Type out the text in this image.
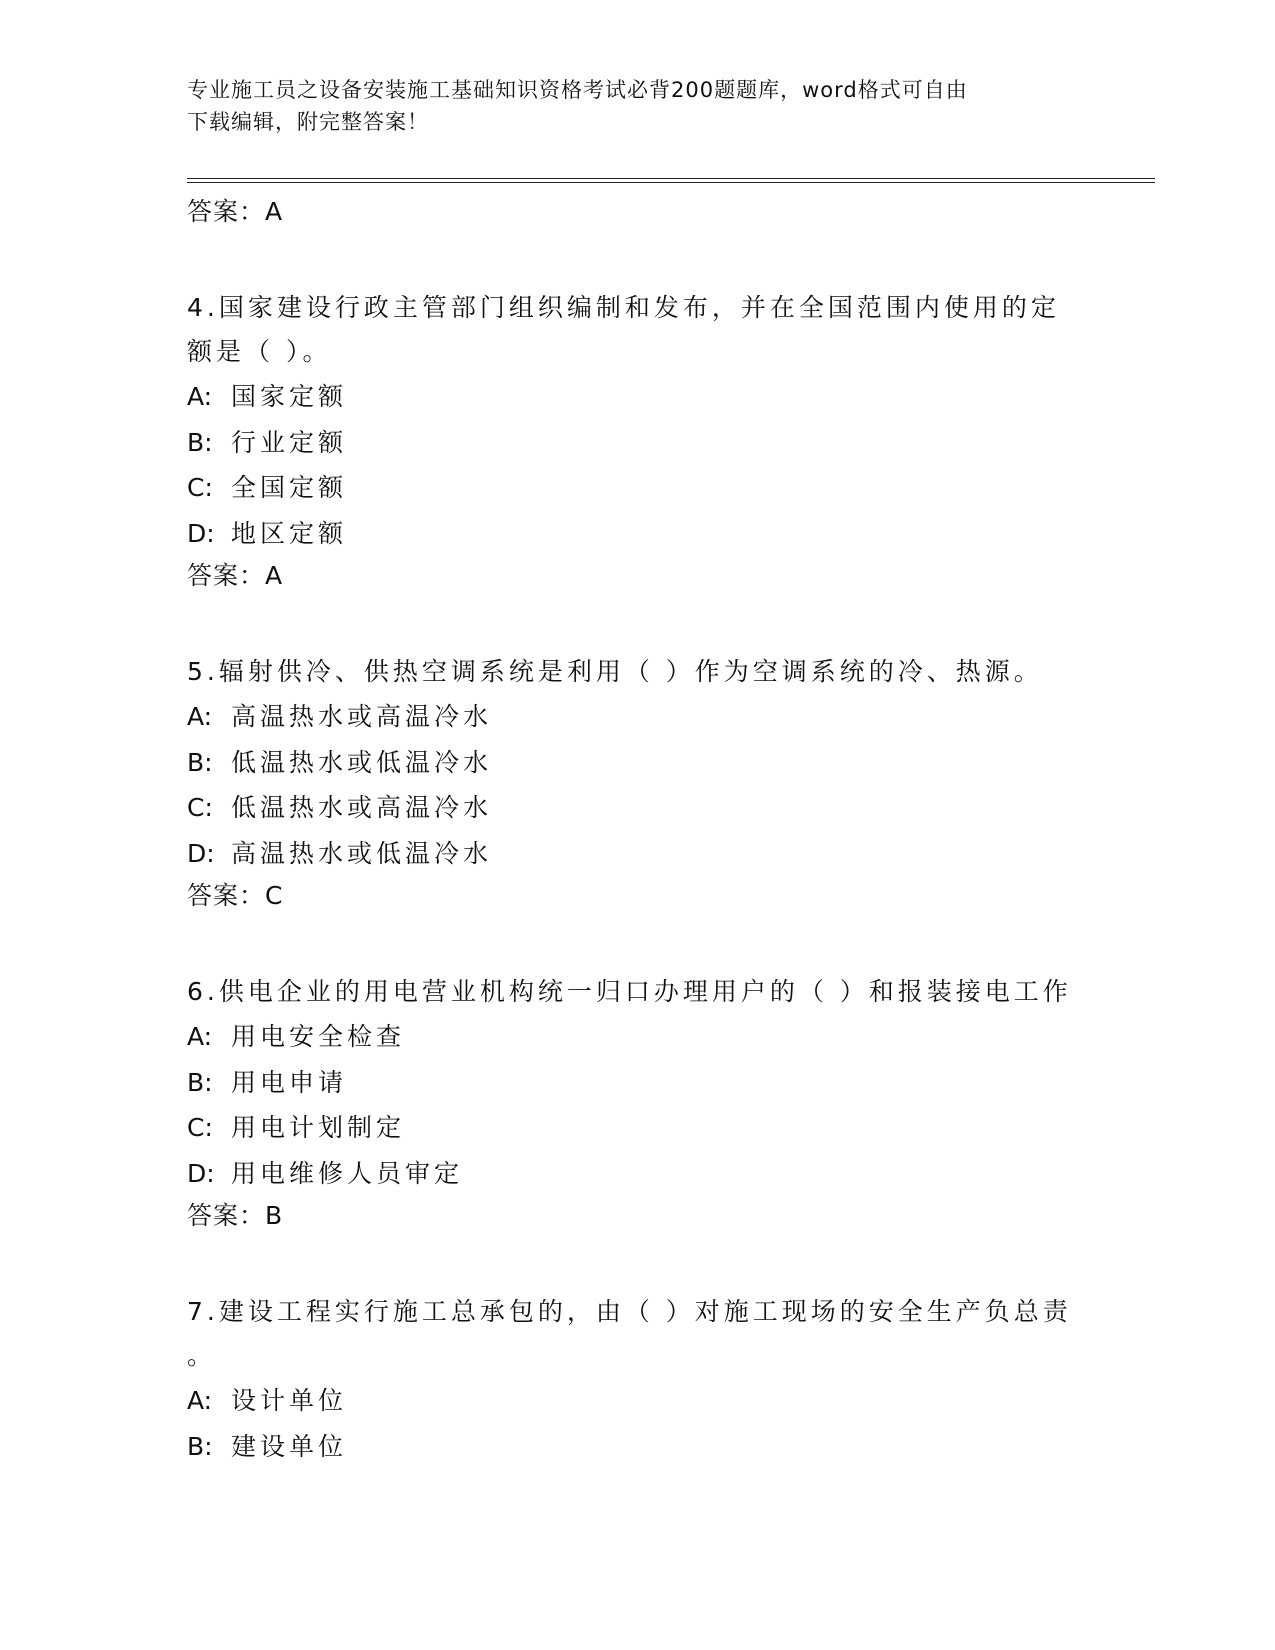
专业施工员之设备安装施工基础知识资格考试必背200题题库，word格式可自由
下载编辑，附完整答案！
答案：A
4.国家建设行政主管部门组织编制和发布，并在全国范围内使用的定
额是（ ）。
A: 国家定额
B: 行业定额
C: 全国定额
D: 地区定额
答案：A
5.辐射供冷、供热空调系统是利用（ ）作为空调系统的冷、热源。
A: 高温热水或高温冷水
B: 低温热水或低温冷水
C: 低温热水或高温冷水
D: 高温热水或低温冷水
答案：C
6.供电企业的用电营业机构统一归口办理用户的（ ）和报装接电工作
A: 用电安全检查
B: 用电申请
C: 用电计划制定
D: 用电维修人员审定
答案：B
7.建设工程实行施工总承包的，由（ ）对施工现场的安全生产负总责
。
A: 设计单位
B: 建设单位
